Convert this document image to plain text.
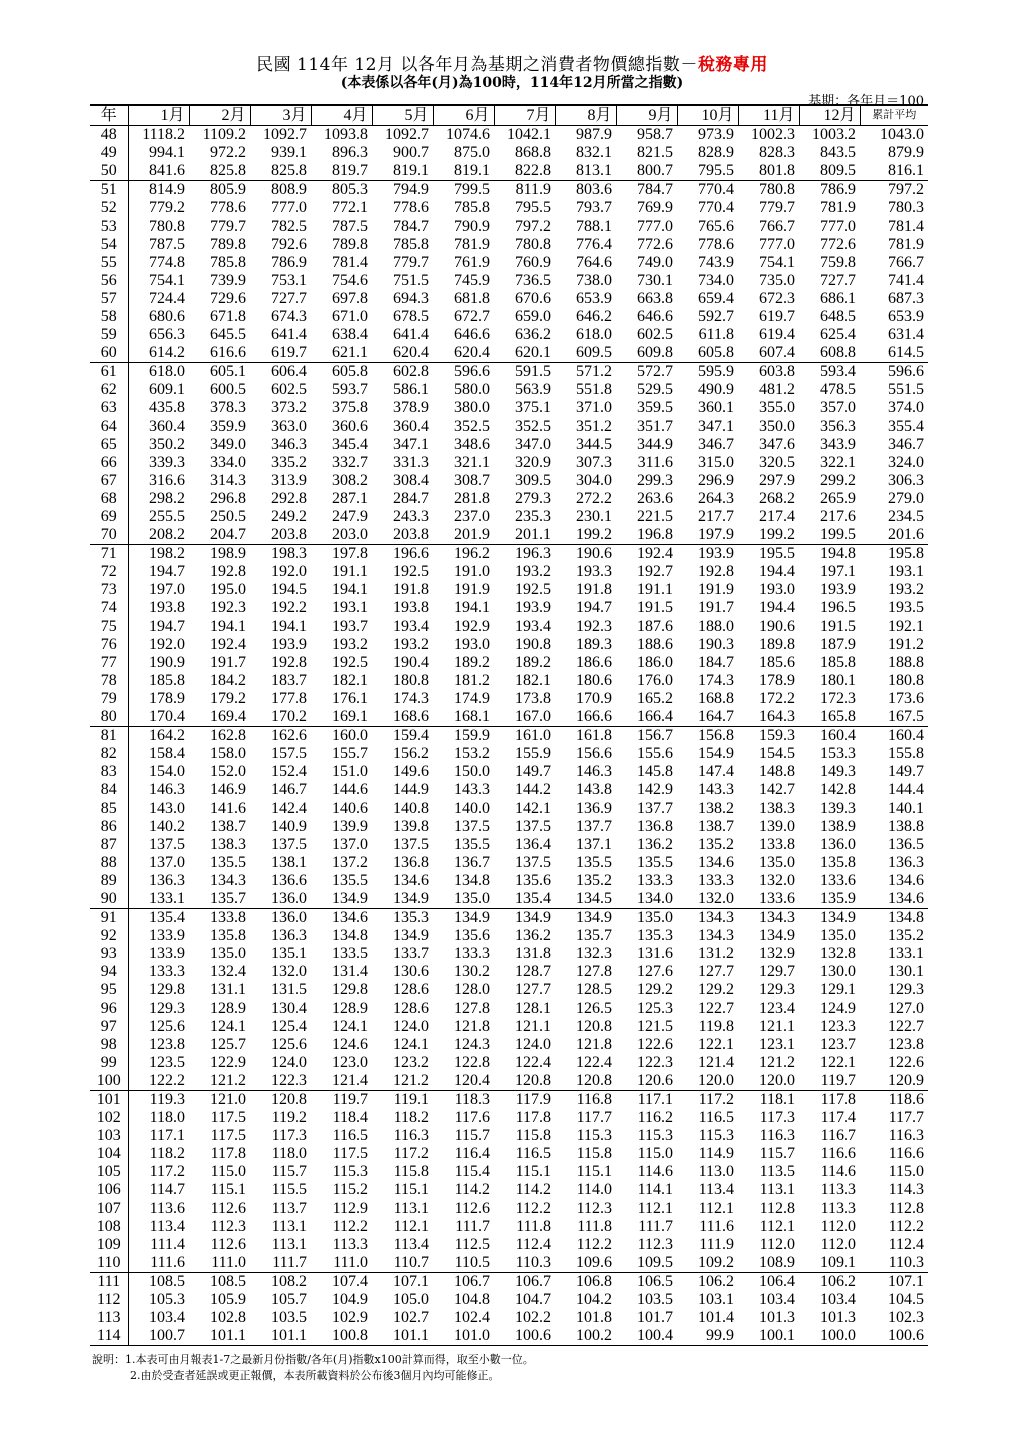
民國 114年 12月 以各年月為基期之消費者物價總指數－稅務專用
(本表係以各年(月)為100時，114年12月所當之指數)
基期：各年月＝100
年	1月	2月	3月	4月	5月	6月	7月	8月	9月	10月	11月	12月	累計平均
48	1118.2	1109.2	1092.7	1093.8	1092.7	1074.6	1042.1	987.9	958.7	973.9	1002.3	1003.2	1043.0
49	994.1	972.2	939.1	896.3	900.7	875.0	868.8	832.1	821.5	828.9	828.3	843.5	879.9
50	841.6	825.8	825.8	819.7	819.1	819.1	822.8	813.1	800.7	795.5	801.8	809.5	816.1
51	814.9	805.9	808.9	805.3	794.9	799.5	811.9	803.6	784.7	770.4	780.8	786.9	797.2
52	779.2	778.6	777.0	772.1	778.6	785.8	795.5	793.7	769.9	770.4	779.7	781.9	780.3
53	780.8	779.7	782.5	787.5	784.7	790.9	797.2	788.1	777.0	765.6	766.7	777.0	781.4
54	787.5	789.8	792.6	789.8	785.8	781.9	780.8	776.4	772.6	778.6	777.0	772.6	781.9
55	774.8	785.8	786.9	781.4	779.7	761.9	760.9	764.6	749.0	743.9	754.1	759.8	766.7
56	754.1	739.9	753.1	754.6	751.5	745.9	736.5	738.0	730.1	734.0	735.0	727.7	741.4
57	724.4	729.6	727.7	697.8	694.3	681.8	670.6	653.9	663.8	659.4	672.3	686.1	687.3
58	680.6	671.8	674.3	671.0	678.5	672.7	659.0	646.2	646.6	592.7	619.7	648.5	653.9
59	656.3	645.5	641.4	638.4	641.4	646.6	636.2	618.0	602.5	611.8	619.4	625.4	631.4
60	614.2	616.6	619.7	621.1	620.4	620.4	620.1	609.5	609.8	605.8	607.4	608.8	614.5
61	618.0	605.1	606.4	605.8	602.8	596.6	591.5	571.2	572.7	595.9	603.8	593.4	596.6
62	609.1	600.5	602.5	593.7	586.1	580.0	563.9	551.8	529.5	490.9	481.2	478.5	551.5
63	435.8	378.3	373.2	375.8	378.9	380.0	375.1	371.0	359.5	360.1	355.0	357.0	374.0
64	360.4	359.9	363.0	360.6	360.4	352.5	352.5	351.2	351.7	347.1	350.0	356.3	355.4
65	350.2	349.0	346.3	345.4	347.1	348.6	347.0	344.5	344.9	346.7	347.6	343.9	346.7
66	339.3	334.0	335.2	332.7	331.3	321.1	320.9	307.3	311.6	315.0	320.5	322.1	324.0
67	316.6	314.3	313.9	308.2	308.4	308.7	309.5	304.0	299.3	296.9	297.9	299.2	306.3
68	298.2	296.8	292.8	287.1	284.7	281.8	279.3	272.2	263.6	264.3	268.2	265.9	279.0
69	255.5	250.5	249.2	247.9	243.3	237.0	235.3	230.1	221.5	217.7	217.4	217.6	234.5
70	208.2	204.7	203.8	203.0	203.8	201.9	201.1	199.2	196.8	197.9	199.2	199.5	201.6
71	198.2	198.9	198.3	197.8	196.6	196.2	196.3	190.6	192.4	193.9	195.5	194.8	195.8
72	194.7	192.8	192.0	191.1	192.5	191.0	193.2	193.3	192.7	192.8	194.4	197.1	193.1
73	197.0	195.0	194.5	194.1	191.8	191.9	192.5	191.8	191.1	191.9	193.0	193.9	193.2
74	193.8	192.3	192.2	193.1	193.8	194.1	193.9	194.7	191.5	191.7	194.4	196.5	193.5
75	194.7	194.1	194.1	193.7	193.4	192.9	193.4	192.3	187.6	188.0	190.6	191.5	192.1
76	192.0	192.4	193.9	193.2	193.2	193.0	190.8	189.3	188.6	190.3	189.8	187.9	191.2
77	190.9	191.7	192.8	192.5	190.4	189.2	189.2	186.6	186.0	184.7	185.6	185.8	188.8
78	185.8	184.2	183.7	182.1	180.8	181.2	182.1	180.6	176.0	174.3	178.9	180.1	180.8
79	178.9	179.2	177.8	176.1	174.3	174.9	173.8	170.9	165.2	168.8	172.2	172.3	173.6
80	170.4	169.4	170.2	169.1	168.6	168.1	167.0	166.6	166.4	164.7	164.3	165.8	167.5
81	164.2	162.8	162.6	160.0	159.4	159.9	161.0	161.8	156.7	156.8	159.3	160.4	160.4
82	158.4	158.0	157.5	155.7	156.2	153.2	155.9	156.6	155.6	154.9	154.5	153.3	155.8
83	154.0	152.0	152.4	151.0	149.6	150.0	149.7	146.3	145.8	147.4	148.8	149.3	149.7
84	146.3	146.9	146.7	144.6	144.9	143.3	144.2	143.8	142.9	143.3	142.7	142.8	144.4
85	143.0	141.6	142.4	140.6	140.8	140.0	142.1	136.9	137.7	138.2	138.3	139.3	140.1
86	140.2	138.7	140.9	139.9	139.8	137.5	137.5	137.7	136.8	138.7	139.0	138.9	138.8
87	137.5	138.3	137.5	137.0	137.5	135.5	136.4	137.1	136.2	135.2	133.8	136.0	136.5
88	137.0	135.5	138.1	137.2	136.8	136.7	137.5	135.5	135.5	134.6	135.0	135.8	136.3
89	136.3	134.3	136.6	135.5	134.6	134.8	135.6	135.2	133.3	133.3	132.0	133.6	134.6
90	133.1	135.7	136.0	134.9	134.9	135.0	135.4	134.5	134.0	132.0	133.6	135.9	134.6
91	135.4	133.8	136.0	134.6	135.3	134.9	134.9	134.9	135.0	134.3	134.3	134.9	134.8
92	133.9	135.8	136.3	134.8	134.9	135.6	136.2	135.7	135.3	134.3	134.9	135.0	135.2
93	133.9	135.0	135.1	133.5	133.7	133.3	131.8	132.3	131.6	131.2	132.9	132.8	133.1
94	133.3	132.4	132.0	131.4	130.6	130.2	128.7	127.8	127.6	127.7	129.7	130.0	130.1
95	129.8	131.1	131.5	129.8	128.6	128.0	127.7	128.5	129.2	129.2	129.3	129.1	129.3
96	129.3	128.9	130.4	128.9	128.6	127.8	128.1	126.5	125.3	122.7	123.4	124.9	127.0
97	125.6	124.1	125.4	124.1	124.0	121.8	121.1	120.8	121.5	119.8	121.1	123.3	122.7
98	123.8	125.7	125.6	124.6	124.1	124.3	124.0	121.8	122.6	122.1	123.1	123.7	123.8
99	123.5	122.9	124.0	123.0	123.2	122.8	122.4	122.4	122.3	121.4	121.2	122.1	122.6
100	122.2	121.2	122.3	121.4	121.2	120.4	120.8	120.8	120.6	120.0	120.0	119.7	120.9
101	119.3	121.0	120.8	119.7	119.1	118.3	117.9	116.8	117.1	117.2	118.1	117.8	118.6
102	118.0	117.5	119.2	118.4	118.2	117.6	117.8	117.7	116.2	116.5	117.3	117.4	117.7
103	117.1	117.5	117.3	116.5	116.3	115.7	115.8	115.3	115.3	115.3	116.3	116.7	116.3
104	118.2	117.8	118.0	117.5	117.2	116.4	116.5	115.8	115.0	114.9	115.7	116.6	116.6
105	117.2	115.0	115.7	115.3	115.8	115.4	115.1	115.1	114.6	113.0	113.5	114.6	115.0
106	114.7	115.1	115.5	115.2	115.1	114.2	114.2	114.0	114.1	113.4	113.1	113.3	114.3
107	113.6	112.6	113.7	112.9	113.1	112.6	112.2	112.3	112.1	112.1	112.8	113.3	112.8
108	113.4	112.3	113.1	112.2	112.1	111.7	111.8	111.8	111.7	111.6	112.1	112.0	112.2
109	111.4	112.6	113.1	113.3	113.4	112.5	112.4	112.2	112.3	111.9	112.0	112.0	112.4
110	111.6	111.0	111.7	111.0	110.7	110.5	110.3	109.6	109.5	109.2	108.9	109.1	110.3
111	108.5	108.5	108.2	107.4	107.1	106.7	106.7	106.8	106.5	106.2	106.4	106.2	107.1
112	105.3	105.9	105.7	104.9	105.0	104.8	104.7	104.2	103.5	103.1	103.4	103.4	104.5
113	103.4	102.8	103.5	102.9	102.7	102.4	102.2	101.8	101.7	101.4	101.3	101.3	102.3
114	100.7	101.1	101.1	100.8	101.1	101.0	100.6	100.2	100.4	99.9	100.1	100.0	100.6
說明：1.本表可由月報表1-7之最新月份指數/各年(月)指數x100計算而得，取至小數一位。
2.由於受查者延誤或更正報價，本表所載資料於公布後3個月內均可能修正。
